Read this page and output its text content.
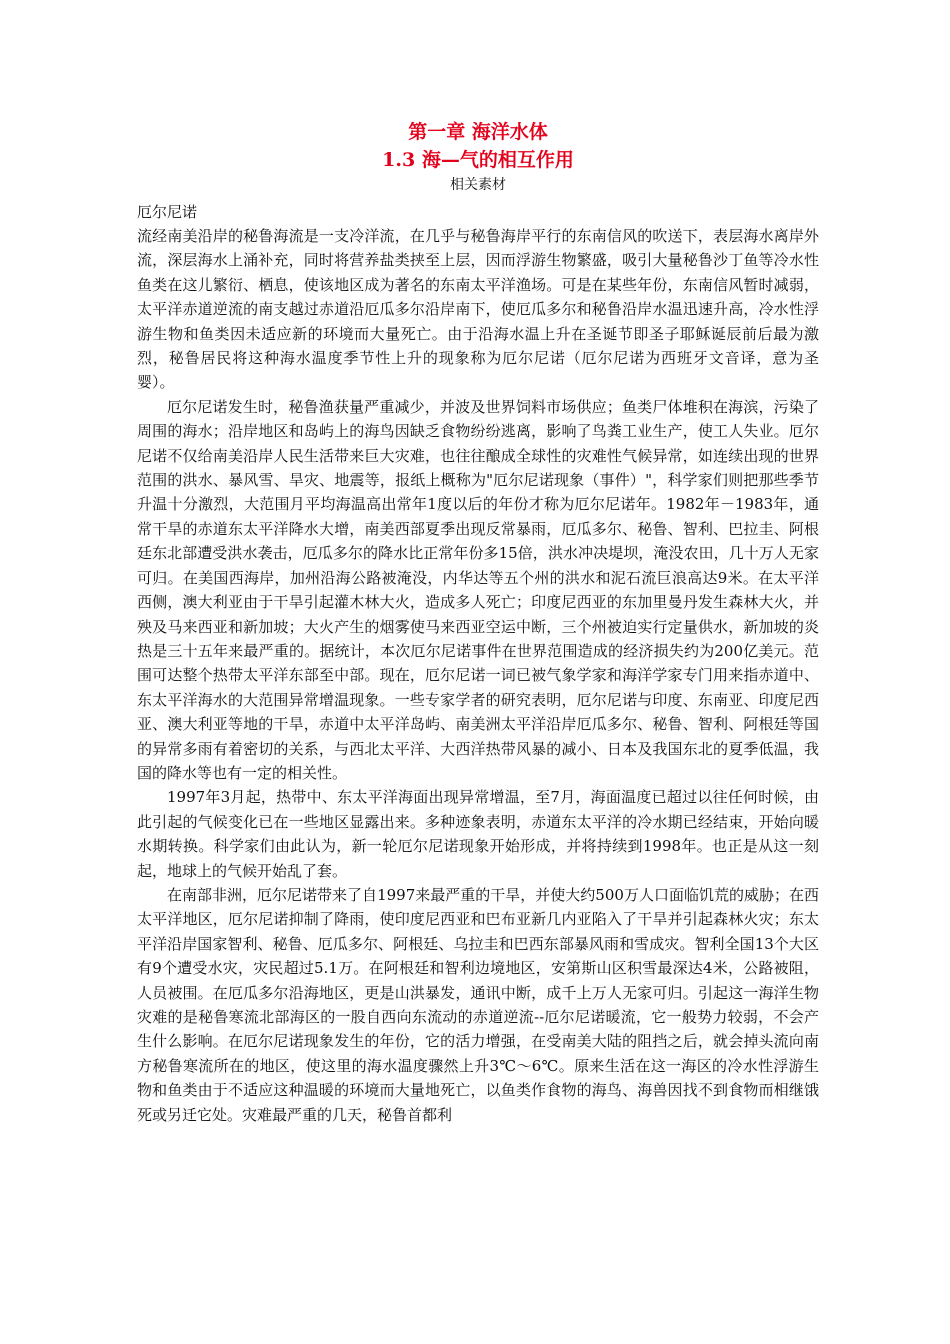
第一章 海洋水体

1.3 海—气的相互作用

相关素材

厄尔尼诺

流经南美沿岸的秘鲁海流是一支冷洋流，在几乎与秘鲁海岸平行的东南信风的吹送下，表层海水离岸外流，深层海水上涌补充，同时将营养盐类挟至上层，因而浮游生物繁盛，吸引大量秘鲁沙丁鱼等冷水性鱼类在这儿繁衍、栖息，使该地区成为著名的东南太平洋渔场。可是在某些年份，东南信风暂时减弱，太平洋赤道逆流的南支越过赤道沿厄瓜多尔沿岸南下，使厄瓜多尔和秘鲁沿岸水温迅速升高，冷水性浮游生物和鱼类因未适应新的环境而大量死亡。由于沿海水温上升在圣诞节即圣子耶稣诞辰前后最为激烈，秘鲁居民将这种海水温度季节性上升的现象称为厄尔尼诺（厄尔尼诺为西班牙文音译，意为圣婴）。

厄尔尼诺发生时，秘鲁渔获量严重减少，并波及世界饲料市场供应；鱼类尸体堆积在海滨，污染了周围的海水；沿岸地区和岛屿上的海鸟因缺乏食物纷纷逃离，影响了鸟粪工业生产，使工人失业。厄尔尼诺不仅给南美沿岸人民生活带来巨大灾难，也往往酿成全球性的灾难性气候异常，如连续出现的世界范围的洪水、暴风雪、旱灾、地震等，报纸上概称为"厄尔尼诺现象（事件）"，科学家们则把那些季节升温十分激烈，大范围月平均海温高出常年1度以后的年份才称为厄尔尼诺年。1982年－1983年，通常干旱的赤道东太平洋降水大增，南美西部夏季出现反常暴雨，厄瓜多尔、秘鲁、智利、巴拉圭、阿根廷东北部遭受洪水袭击，厄瓜多尔的降水比正常年份多15倍，洪水冲决堤坝，淹没农田，几十万人无家可归。在美国西海岸，加州沿海公路被淹没，内华达等五个州的洪水和泥石流巨浪高达9米。在太平洋西侧，澳大利亚由于干旱引起灌木林大火，造成多人死亡；印度尼西亚的东加里曼丹发生森林大火，并殃及马来西亚和新加坡；大火产生的烟雾使马来西亚空运中断，三个州被迫实行定量供水，新加坡的炎热是三十五年来最严重的。据统计，本次厄尔尼诺事件在世界范围造成的经济损失约为200亿美元。范围可达整个热带太平洋东部至中部。现在，厄尔尼诺一词已被气象学家和海洋学家专门用来指赤道中、东太平洋海水的大范围异常增温现象。一些专家学者的研究表明，厄尔尼诺与印度、东南亚、印度尼西亚、澳大利亚等地的干旱，赤道中太平洋岛屿、南美洲太平洋沿岸厄瓜多尔、秘鲁、智利、阿根廷等国的异常多雨有着密切的关系，与西北太平洋、大西洋热带风暴的减小、日本及我国东北的夏季低温，我国的降水等也有一定的相关性。

1997年3月起，热带中、东太平洋海面出现异常增温，至7月，海面温度已超过以往任何时候，由此引起的气候变化已在一些地区显露出来。多种迹象表明，赤道东太平洋的冷水期已经结束，开始向暖水期转换。科学家们由此认为，新一轮厄尔尼诺现象开始形成，并将持续到1998年。也正是从这一刻起，地球上的气候开始乱了套。

在南部非洲，厄尔尼诺带来了自1997来最严重的干旱，并使大约500万人口面临饥荒的威胁；在西太平洋地区，厄尔尼诺抑制了降雨，使印度尼西亚和巴布亚新几内亚陷入了干旱并引起森林火灾；东太平洋沿岸国家智利、秘鲁、厄瓜多尔、阿根廷、乌拉圭和巴西东部暴风雨和雪成灾。智利全国13个大区有9个遭受水灾，灾民超过5.1万。在阿根廷和智利边境地区，安第斯山区积雪最深达4米，公路被阻，人员被围。在厄瓜多尔沿海地区，更是山洪暴发，通讯中断，成千上万人无家可归。引起这一海洋生物灾难的是秘鲁寒流北部海区的一股自西向东流动的赤道逆流--厄尔尼诺暖流，它一般势力较弱，不会产生什么影响。在厄尔尼诺现象发生的年份，它的活力增强，在受南美大陆的阻挡之后，就会掉头流向南方秘鲁寒流所在的地区，使这里的海水温度骤然上升3℃～6℃。原来生活在这一海区的冷水性浮游生物和鱼类由于不适应这种温暖的环境而大量地死亡，以鱼类作食物的海鸟、海兽因找不到食物而相继饿死或另迁它处。灾难最严重的几天，秘鲁首都利
